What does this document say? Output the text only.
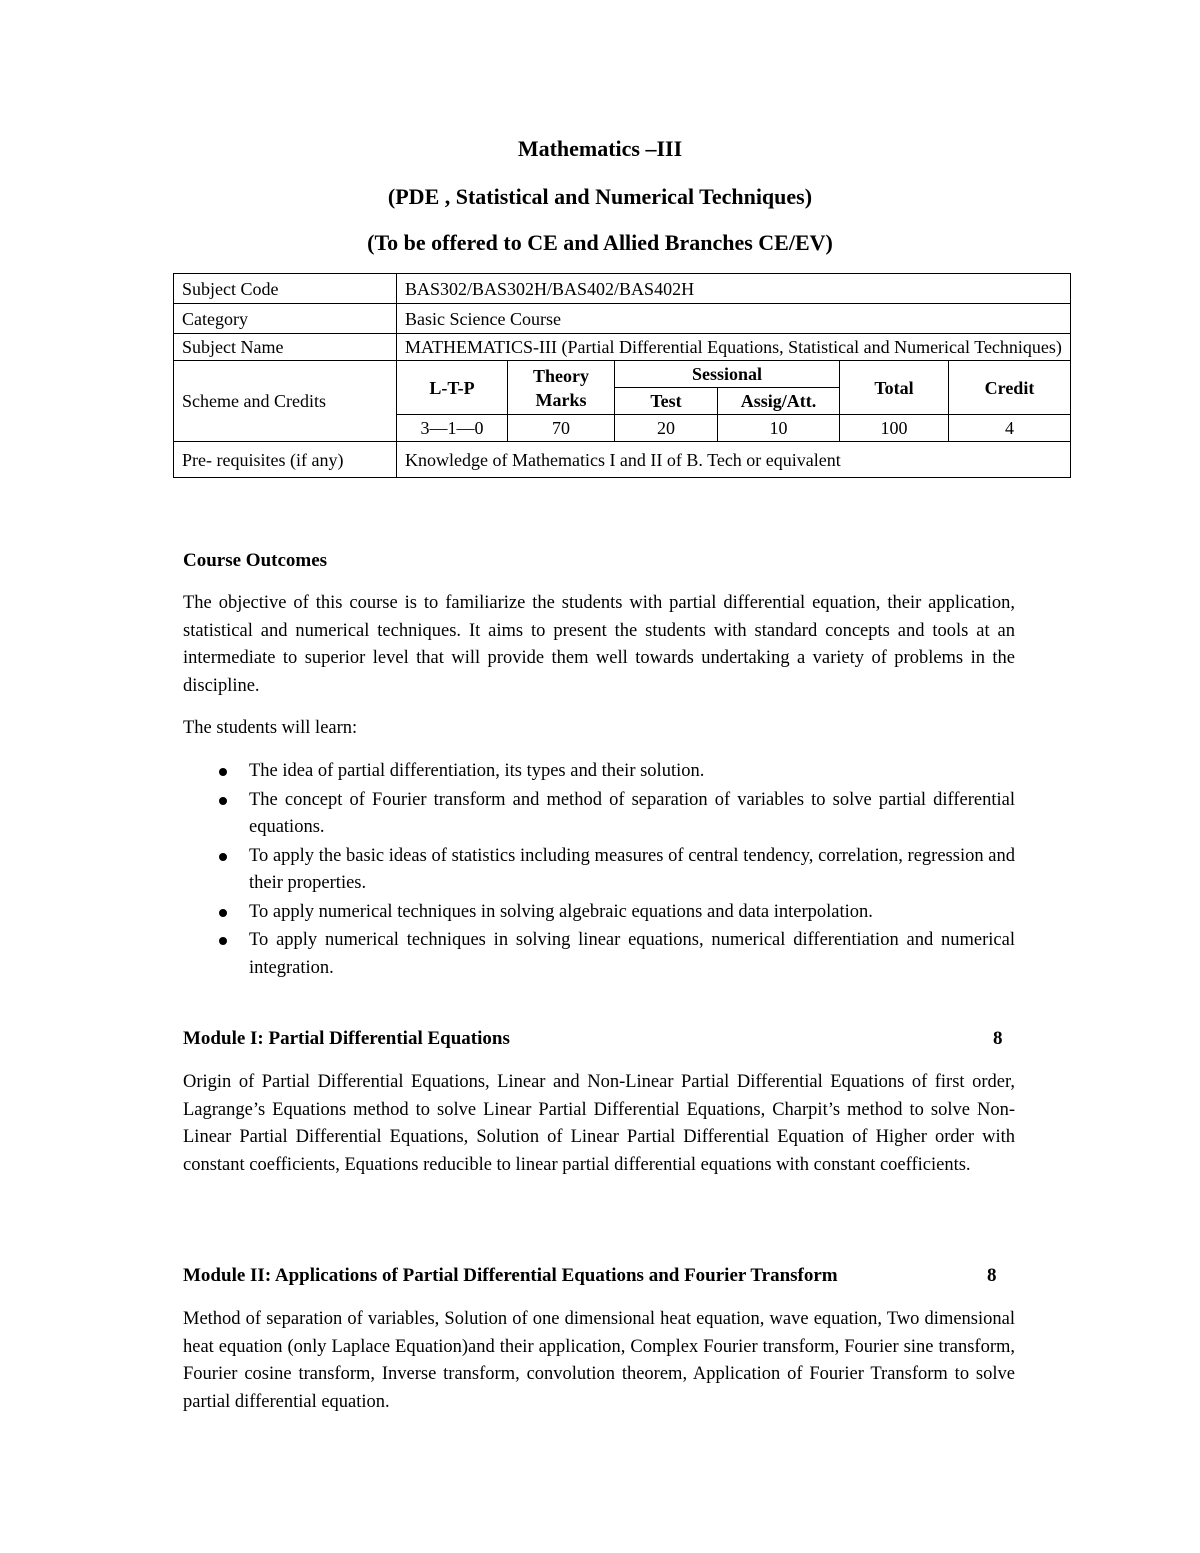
Mathematics –III
(PDE , Statistical and Numerical Techniques)
(To be offered to CE and Allied Branches CE/EV)
Subject Code	BAS302/BAS302H/BAS402/BAS402H					
Category	Basic Science Course					
Subject Name	MATHEMATICS-III (Partial Differential Equations, Statistical and Numerical Techniques)					
Scheme and Credits	L-T-P	Theory Marks	Sessional		Total	Credit
			Test	Assig/Att.		
	3—1—0	70	20	10	100	4
Pre- requisites (if any)	Knowledge of Mathematics I and II of B. Tech or equivalent					
Course Outcomes
The objective of this course is to familiarize the students with partial differential equation, their application, statistical and numerical techniques. It aims to present the students with standard concepts and tools at an intermediate to superior level that will provide them well towards undertaking a variety of problems in the discipline.
The students will learn:
The idea of partial differentiation, its types and their solution.
The concept of Fourier transform and method of separation of variables to solve partial differential equations.
To apply the basic ideas of statistics including measures of central tendency, correlation, regression and their properties.
To apply numerical techniques in solving algebraic equations and data interpolation.
To apply numerical techniques in solving linear equations, numerical differentiation and numerical integration.
Module I: Partial Differential Equations	8
Origin of Partial Differential Equations, Linear and Non-Linear Partial Differential Equations of first order, Lagrange’s Equations method to solve Linear Partial Differential Equations, Charpit’s method to solve Non-Linear Partial Differential Equations, Solution of Linear Partial Differential Equation of Higher order with constant coefficients, Equations reducible to linear partial differential equations with constant coefficients.
Module II: Applications of Partial Differential Equations and Fourier Transform	8
Method of separation of variables, Solution of one dimensional heat equation, wave equation, Two dimensional heat equation (only Laplace Equation)and their application, Complex Fourier transform, Fourier sine transform, Fourier cosine transform, Inverse transform, convolution theorem, Application of Fourier Transform to solve partial differential equation.
